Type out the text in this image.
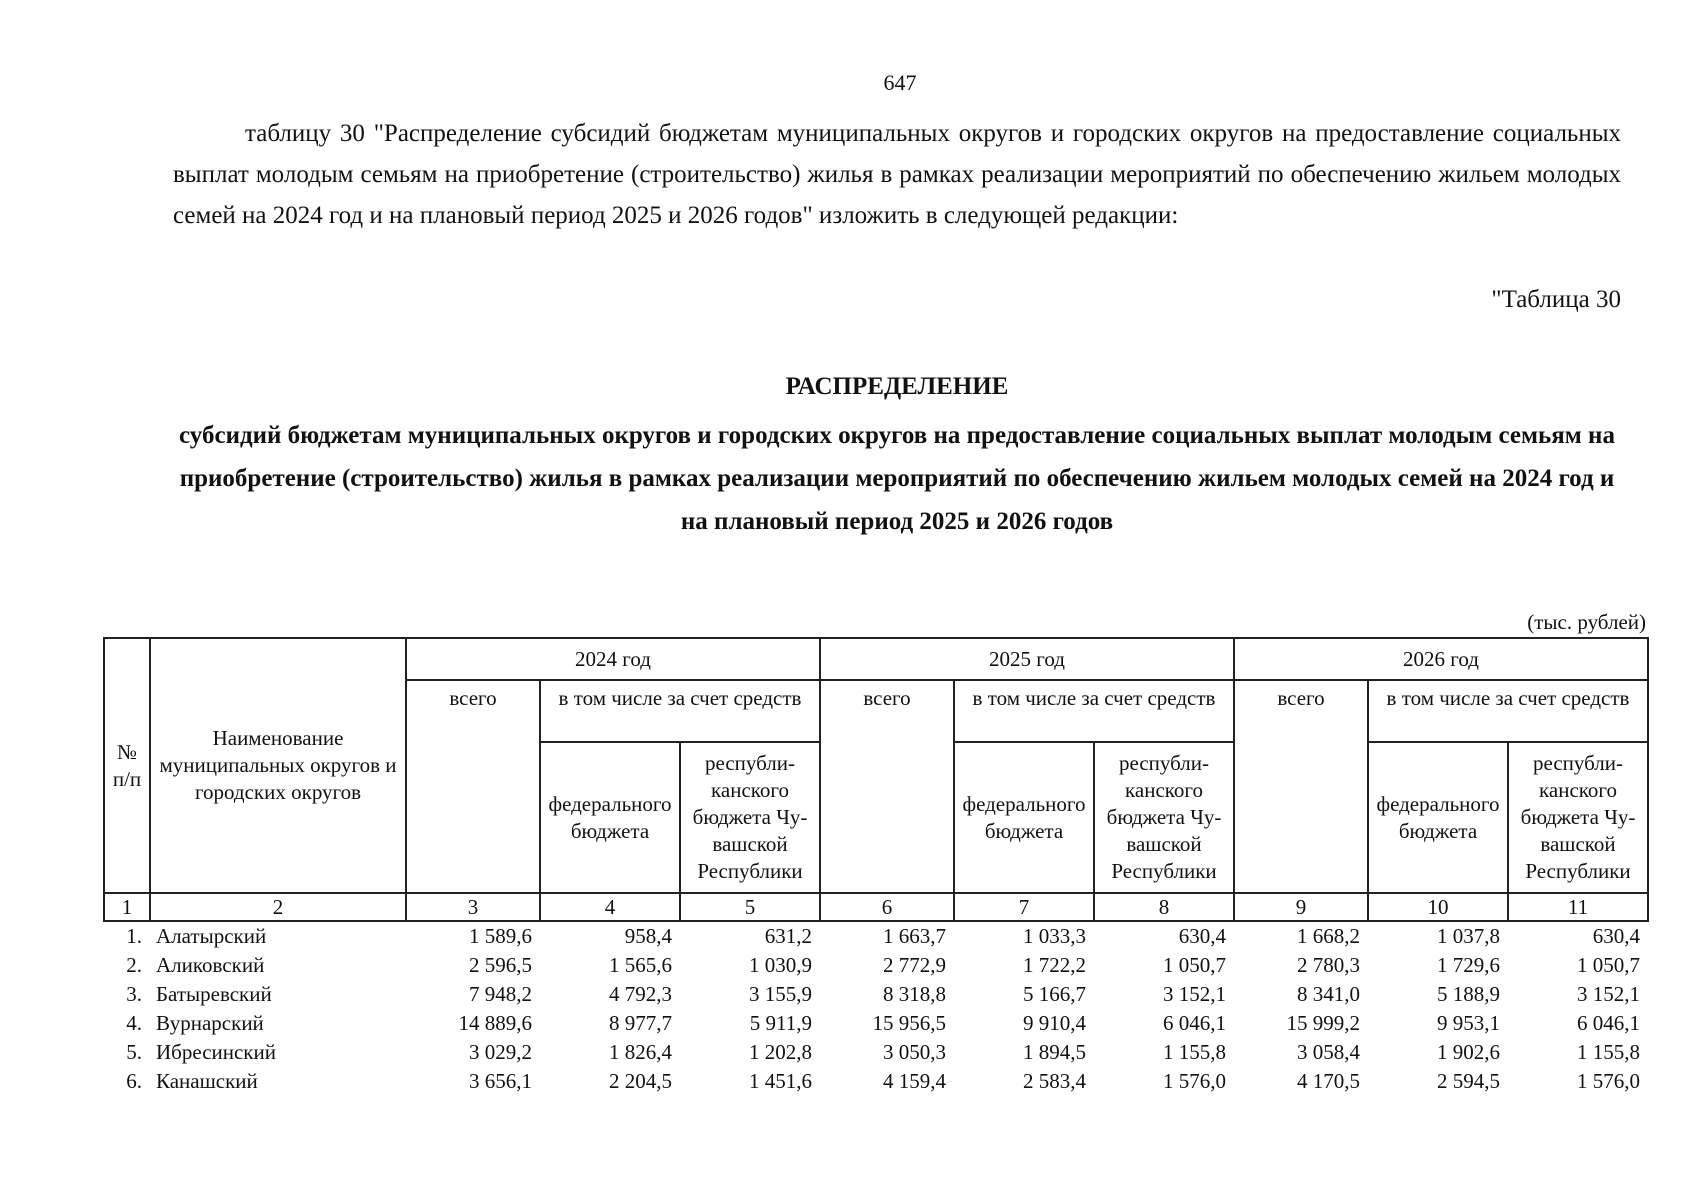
647

таблицу 30 "Распределение субсидий бюджетам муниципальных округов и городских округов на предоставление социальных выплат молодым семьям на приобретение (строительство) жилья в рамках реализации мероприятий по обеспечению жильем молодых семей на 2024 год и на плановый период 2025 и 2026 годов" изложить в следующей редакции:

"Таблица 30
РАСПРЕДЕЛЕНИЕ

субсидий бюджетам муниципальных округов и городских округов на предоставление социальных выплат молодым семьям на приобретение (строительство) жилья в рамках реализации мероприятий по обеспечению жильем молодых семей на 2024 год и на плановый период 2025 и 2026 годов

(тыс. рублей)
№ п/п	Наименование муниципальных округов и городских округов	2024 год			2025 год			2026 год		
		всего	в том числе за счет средств		всего	в том числе за счет средств		всего	в том числе за счет средств	
			федерального бюджета	республиканского бюджета Чувашской Республики		федерального бюджета	республиканского бюджета Чувашской Республики		федерального бюджета	республиканского бюджета Чувашской Республики
1	2	3	4	5	6	7	8	9	10	11
1.	Алатырский	1 589,6	958,4	631,2	1 663,7	1 033,3	630,4	1 668,2	1 037,8	630,4
2.	Аликовский	2 596,5	1 565,6	1 030,9	2 772,9	1 722,2	1 050,7	2 780,3	1 729,6	1 050,7
3.	Батыревский	7 948,2	4 792,3	3 155,9	8 318,8	5 166,7	3 152,1	8 341,0	5 188,9	3 152,1
4.	Вурнарский	14 889,6	8 977,7	5 911,9	15 956,5	9 910,4	6 046,1	15 999,2	9 953,1	6 046,1
5.	Ибресинский	3 029,2	1 826,4	1 202,8	3 050,3	1 894,5	1 155,8	3 058,4	1 902,6	1 155,8
6.	Канашский	3 656,1	2 204,5	1 451,6	4 159,4	2 583,4	1 576,0	4 170,5	2 594,5	1 576,0
